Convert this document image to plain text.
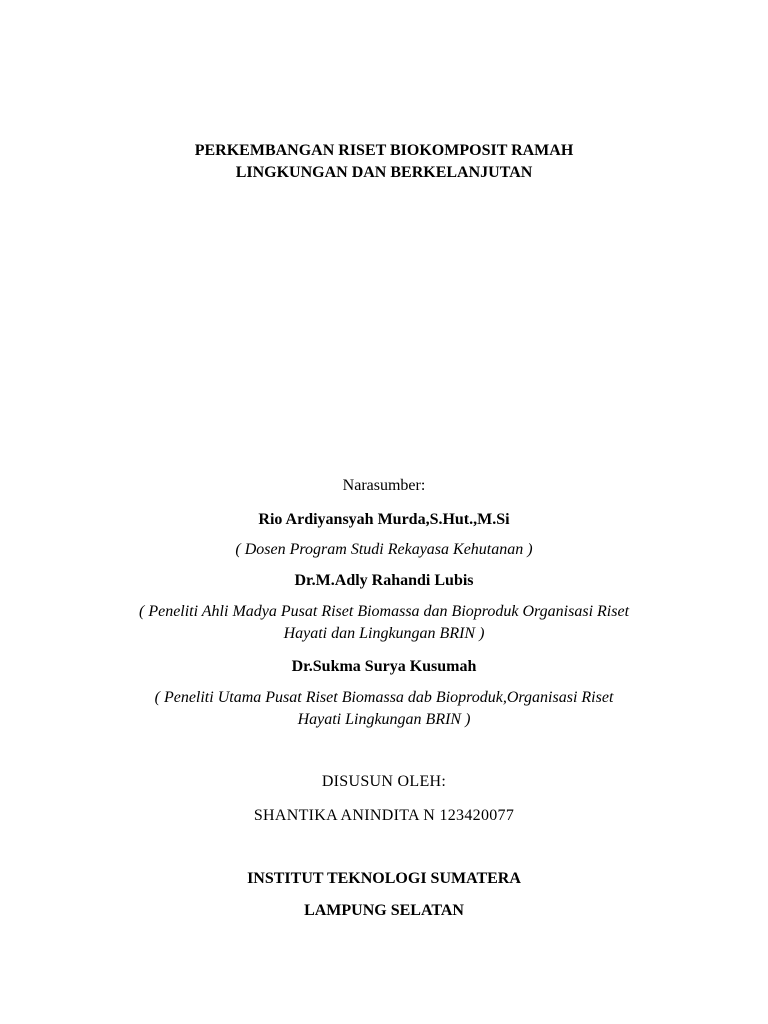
PERKEMBANGAN RISET BIOKOMPOSIT RAMAH
LINGKUNGAN DAN BERKELANJUTAN
Narasumber:
Rio Ardiyansyah Murda,S.Hut.,M.Si
( Dosen Program Studi Rekayasa Kehutanan )
Dr.M.Adly Rahandi Lubis
( Peneliti Ahli Madya Pusat Riset Biomassa dan Bioproduk Organisasi Riset
Hayati dan Lingkungan BRIN )
Dr.Sukma Surya Kusumah
( Peneliti Utama Pusat Riset Biomassa dab Bioproduk,Organisasi Riset
Hayati Lingkungan BRIN )
DISUSUN OLEH:
SHANTIKA ANINDITA N 123420077
INSTITUT TEKNOLOGI SUMATERA
LAMPUNG SELATAN
